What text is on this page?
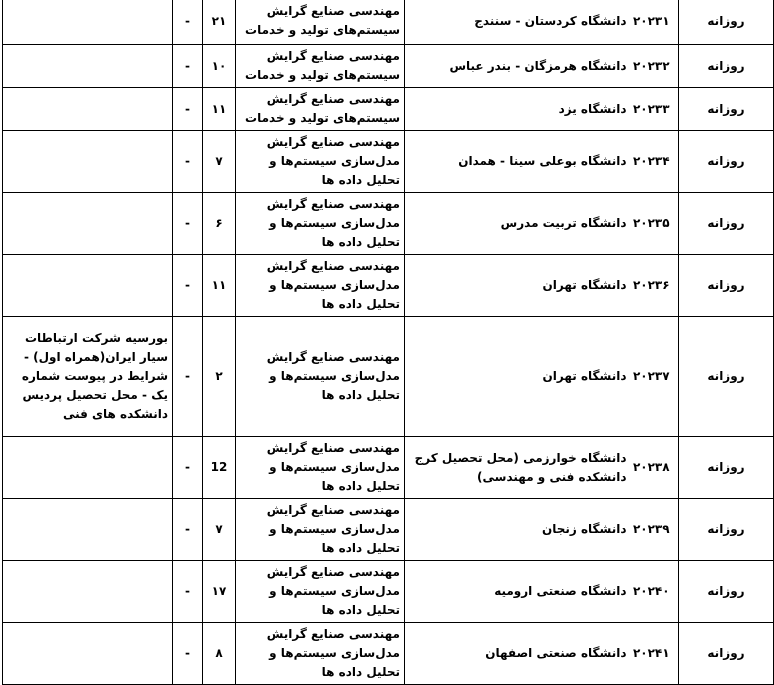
روزانه	۲۰۲۳۱	دانشگاه کردستان - سنندج	مهندسی صنایع گرایش سیستم‌های تولید و خدمات	۲۱	-	
روزانه	۲۰۲۳۲	دانشگاه هرمزگان - بندر عباس	مهندسی صنایع گرایش سیستم‌های تولید و خدمات	۱۰	-	
روزانه	۲۰۲۳۳	دانشگاه یزد	مهندسی صنایع گرایش سیستم‌های تولید و خدمات	۱۱	-	
روزانه	۲۰۲۳۴	دانشگاه بوعلی سینا - همدان	مهندسی صنایع گرایش مدل‌سازی سیستم‌ها و تحلیل داده ها	۷	-	
روزانه	۲۰۲۳۵	دانشگاه تربیت مدرس	مهندسی صنایع گرایش مدل‌سازی سیستم‌ها و تحلیل داده ها	۶	-	
روزانه	۲۰۲۳۶	دانشگاه تهران	مهندسی صنایع گرایش مدل‌سازی سیستم‌ها و تحلیل داده ها	۱۱	-	
روزانه	۲۰۲۳۷	دانشگاه تهران	مهندسی صنایع گرایش مدل‌سازی سیستم‌ها و تحلیل داده ها	۲	-	بورسیه شرکت ارتباطات سیار ایران(همراه اول) - شرایط در پیوست شماره یک - محل تحصیل پردیس دانشکده های فنی
روزانه	۲۰۲۳۸	دانشگاه خوارزمی (محل تحصیل کرج دانشکده فنی و مهندسی)	مهندسی صنایع گرایش مدل‌سازی سیستم‌ها و تحلیل داده ها	12	-	
روزانه	۲۰۲۳۹	دانشگاه زنجان	مهندسی صنایع گرایش مدل‌سازی سیستم‌ها و تحلیل داده ها	۷	-	
روزانه	۲۰۲۴۰	دانشگاه صنعتی ارومیه	مهندسی صنایع گرایش مدل‌سازی سیستم‌ها و تحلیل داده ها	۱۷	-	
روزانه	۲۰۲۴۱	دانشگاه صنعتی اصفهان	مهندسی صنایع گرایش مدل‌سازی سیستم‌ها و تحلیل داده ها	۸	-	
